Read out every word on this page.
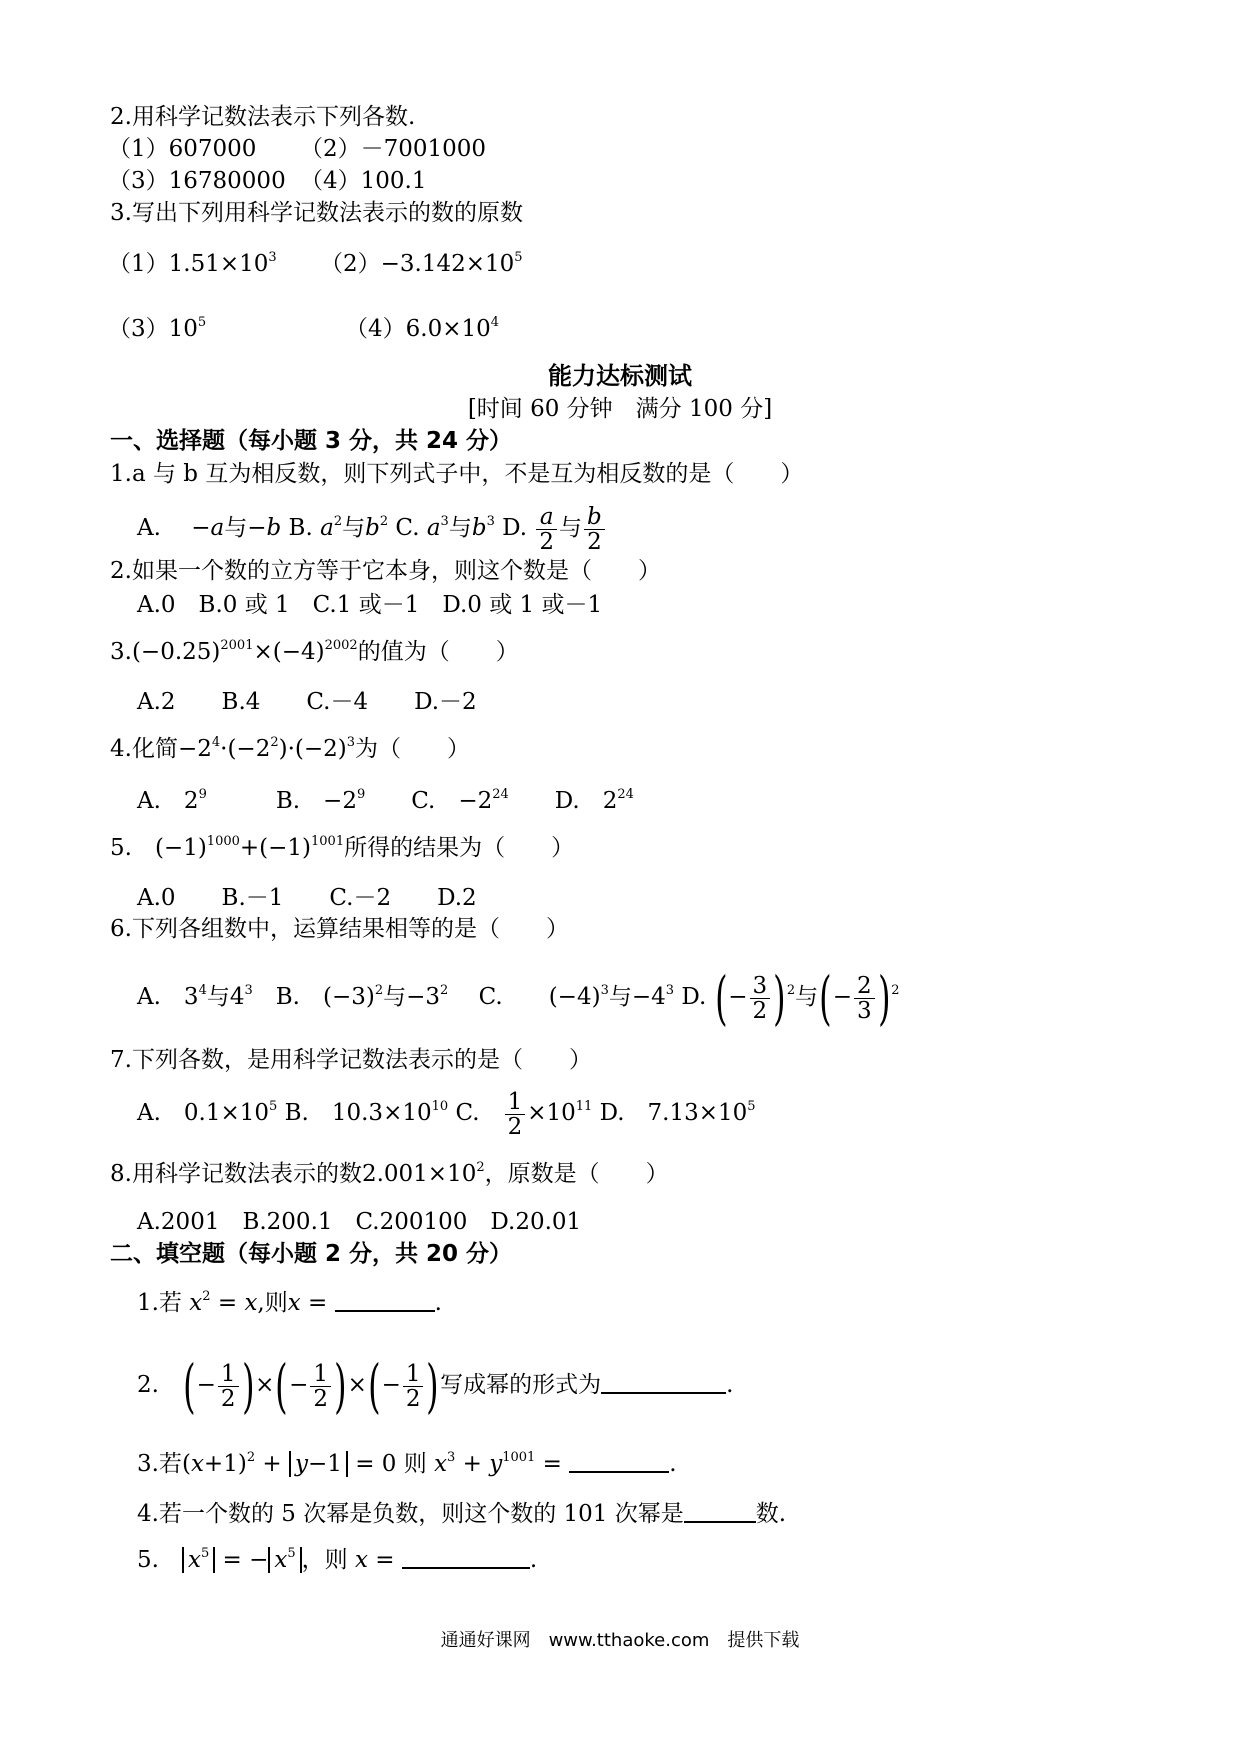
2.用科学记数法表示下列各数.
（1）607000 （2）－7001000
（3）16780000 （4）100.1
3.写出下列用科学记数法表示的数的原数
$(1)1.51\times 10^3$ $(2)-3.142\times 10^5$
$(3)10^5$	$(4)6.0\times 10^4$
能力达标测试
[时间 60 分钟　满分 100 分]
一、选择题（每小题 3 分，共 24 分）
1.a 与 b 互为相反数，则下列式子中，不是互为相反数的是（　　）
A.　 −a与−b B. $a^2$与$b^2$ C. $a^3$与$b^3$ D. $\frac{a}{2}$ 与 $\frac{b}{2}$
2.如果一个数的立方等于它本身，则这个数是（　　）
A.0　B.0 或 1　C.1 或－1　D.0 或 1 或－1
$3.(-0.25)^{2001}\times(-4)^{2002}$的值为（　　）
A.2　　B.4　　C.－4　　D.－2
4.化简$-2^4\cdot(-2^2)\cdot(-2)^3$为（　　）
A.　$2^9$　　　B.　$-2^9$　　C.　$-2^{24}$　　D.　$2^{24}$
5.　$(-1)^{1000}+(-1)^{1001}$所得的结果为（　　）
A.0　　B.－1　　C.－2　　D.2
6.下列各组数中，运算结果相等的是（　　）
A.　$3^4$与$4^3$　B.　$(-3)^2$与$-3^2$　 C.　　$(-4)^3$与$-4^3$ D. (− $\frac{3}{2} )^2$与(− $\frac{2}{3} )^2$
7.下列各数，是用科学记数法表示的是（　　）
A.　$0.1\times 10^5$ B.　$10.3\times 10^{10}$ C.　 $\frac{1}{2} \times 10^{11}$ D.　$7.13\times 10^5$
8.用科学记数法表示的数$2.001\times 10^2$，原数是（　　）
A.2001　B.200.1　C.200100　D.20.01
二、填空题（每小题 2 分，共 20 分）
1.若 $x^2 = x$,则x =	.
2.　(− $\frac{1}{2}$ )×(− $\frac{1}{2}$ )×(− $\frac{1}{2}$ )写成幂的形式为	.
3.若$(x+1)^2 + y-1 = 0$ 则 $x^3 + y^{1001}$ =	.
4.若一个数的 5 次幂是负数，则这个数的 101 次幂是	数.
5.　$x^5$ = − $x^5$ ，则 x =	.
通通好课网　www.tthaoke.com　提供下载
